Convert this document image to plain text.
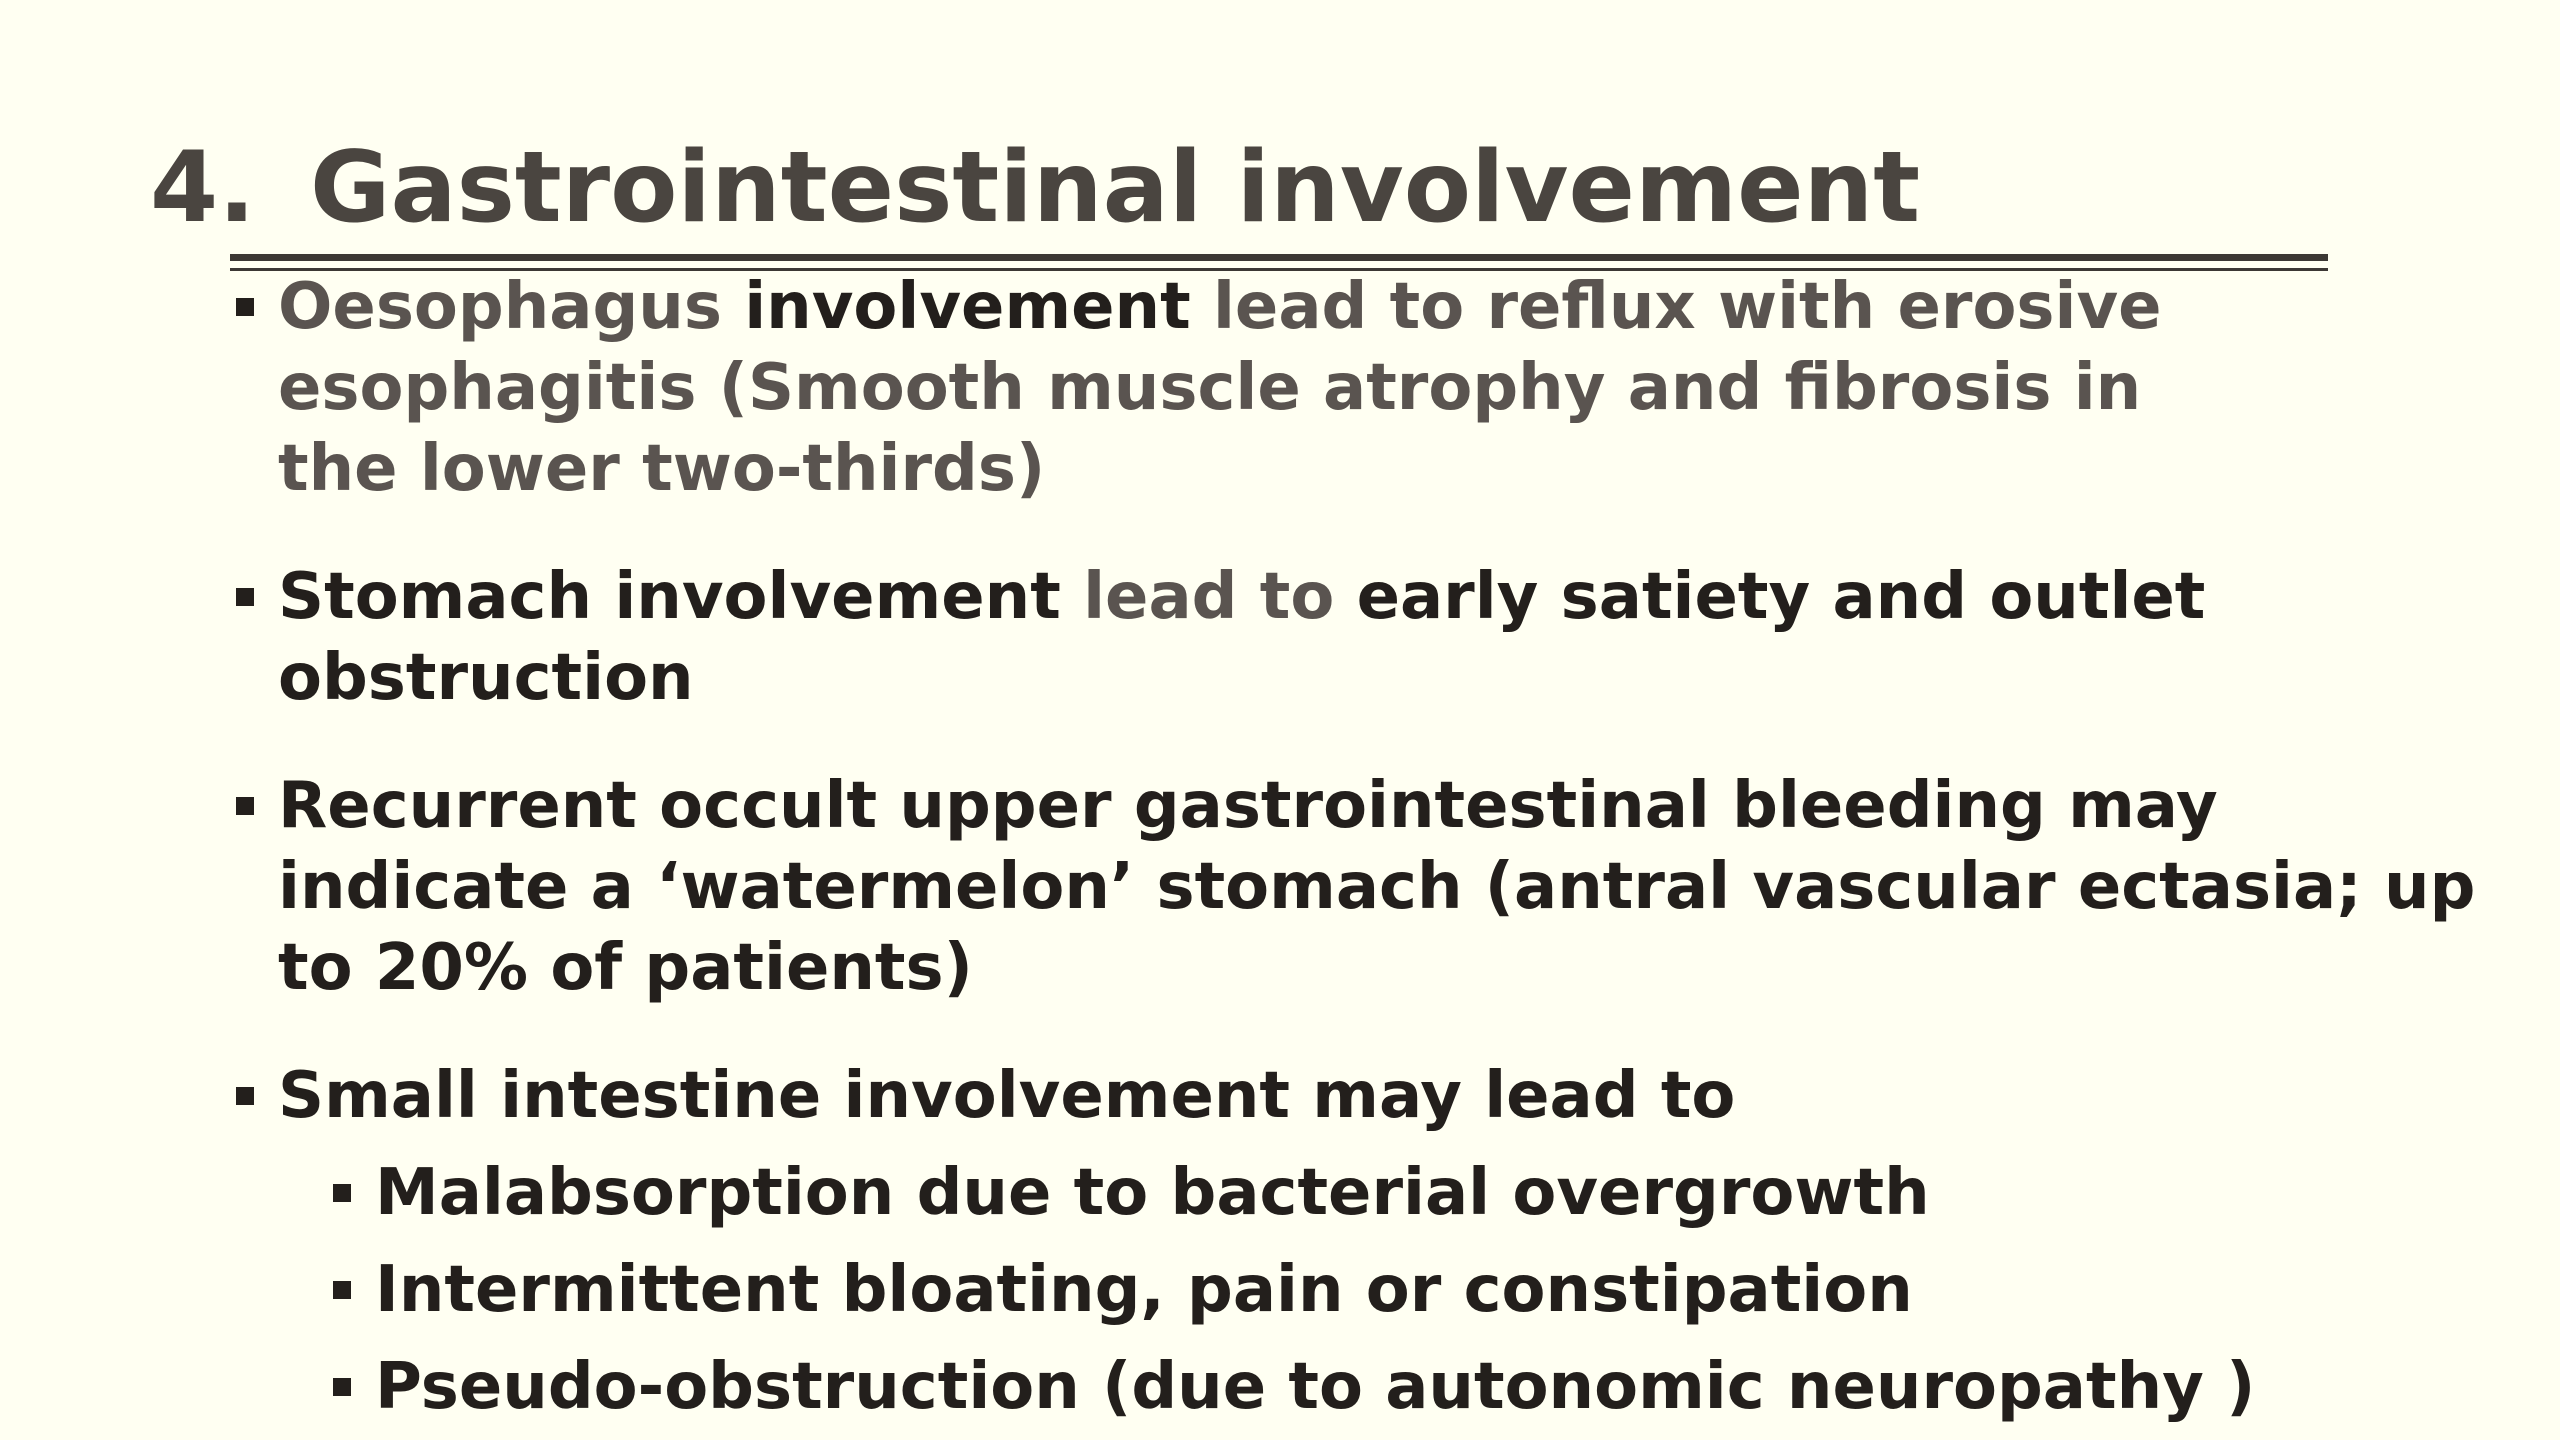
4. Gastrointestinal involvement
Oesophagus involvement lead to reflux with erosive esophagitis (Smooth muscle atrophy and fibrosis in the lower two-thirds)
Stomach involvement lead to early satiety and outlet obstruction
Recurrent occult upper gastrointestinal bleeding may indicate a ‘watermelon’ stomach (antral vascular ectasia; up to 20% of patients)
Small intestine involvement may lead to
Malabsorption due to bacterial overgrowth
Intermittent bloating, pain or constipation
Pseudo-obstruction (due to autonomic neuropathy )
